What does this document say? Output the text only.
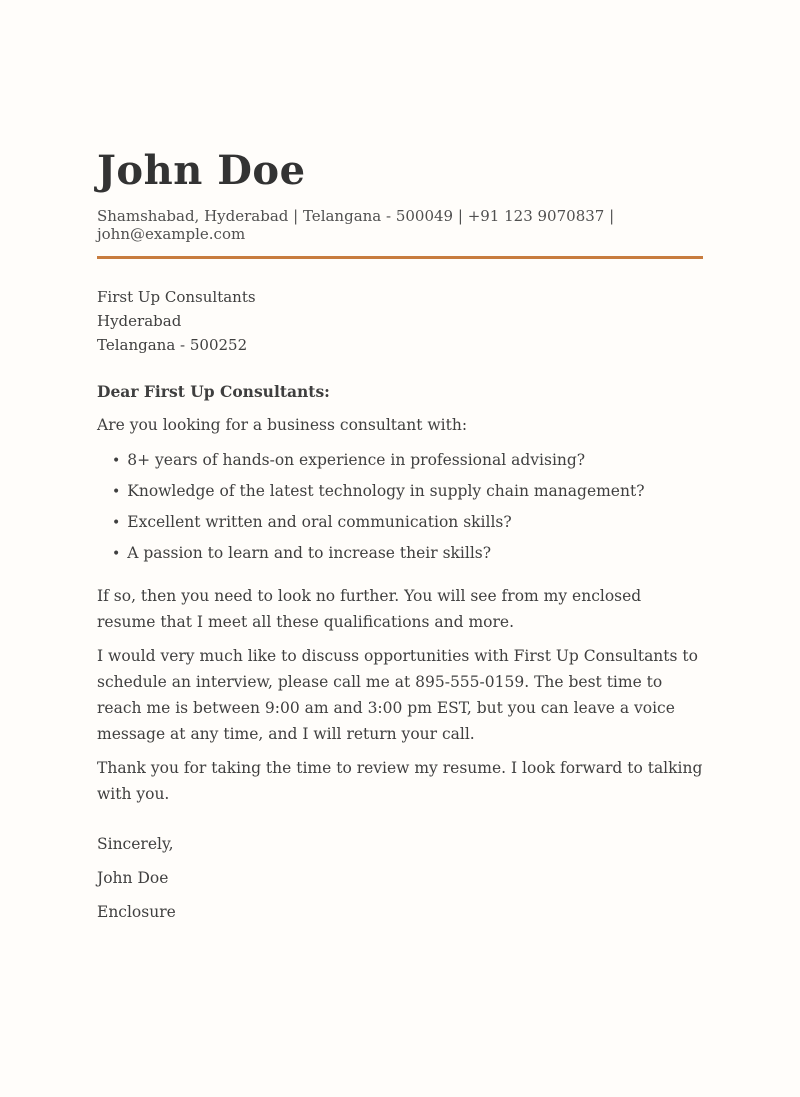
John Doe

Shamshabad, Hyderabad | Telangana - 500049 | +91 123 9070837 | john@example.com

First Up Consultants

Hyderabad

Telangana - 500252

Dear First Up Consultants:

Are you looking for a business consultant with:

• 8+ years of hands-on experience in professional advising?
• Knowledge of the latest technology in supply chain management?
• Excellent written and oral communication skills?
• A passion to learn and to increase their skills?

If so, then you need to look no further. You will see from my enclosed resume that I meet all these qualifications and more.

I would very much like to discuss opportunities with First Up Consultants to schedule an interview, please call me at 895-555-0159. The best time to reach me is between 9:00 am and 3:00 pm EST, but you can leave a voice message at any time, and I will return your call.

Thank you for taking the time to review my resume. I look forward to talking with you.

Sincerely,

John Doe

Enclosure
